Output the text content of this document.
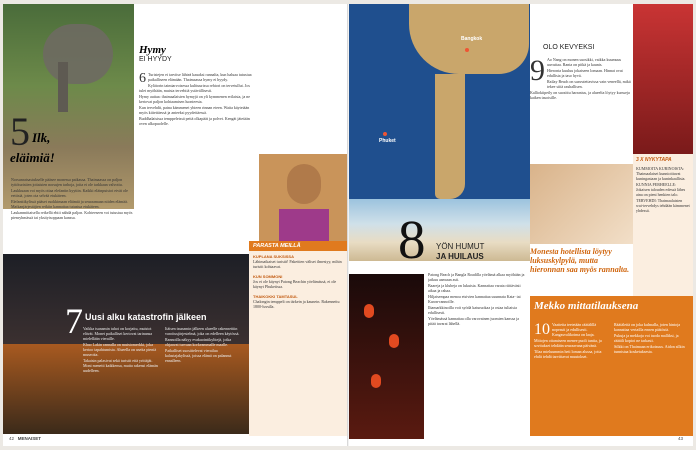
5 Ilk,
eläimiä!

Norsunratsastukselle pääsee monessa paikassa. Thaimaassa on paljon tyttöturistien joitaisten norsujen tarhoja, joita ei ole tarkkaan valvottu.

Laukkuaan voi myös ottaa elefantin kyytiin. Kaikki eläinpuistot eivät ole eettisiä, joten ota selvää etukäteen.

Elefanttikylissä pääset ruokkimaan eläimiä ja seuraamaan niiden elämää. Matkanjärjestäjien retkiin kannattaa tutustua etukäteen.

Laukanmittaisella retkellä ehtii nähdä paljon. Kohteeseen voi tutustua myös pienryhmässä tai yksityisoppaan kanssa.

Hymy
EI HYYDY
6 Turistejen ei tarvitse lähteä kauaksi rannalta, kun haluaa tutustua paikalliseen elämään. Thaimaassa hymy ei hyydy.

Kylätorin taimiarvoisessa kulttuurissa rehtori on tervetullut. Jos tulet myöhään, muista tervehtiä ystävällisesti.

Hymy auttaa: thaimaalaisten hymyjä on yli kymmenen erilaista, ja ne kertovat paljon kohtaamisen luonteesta.

Kun tervehdit, paina kämmenet yhteen rinnan eteen. Waita käytetään myös kiitettäessä ja anteeksi pyydettäessä.

Buddhalaisissa temppeleissä peitä olkapäät ja polvet. Kengät jätetään oven ulkopuolelle.

PARASTA MEILLÄ
KUPLANA SUKSISSA
Lähimatkaiset turistit! Pakettien väliset ilmestyy, mihin turistit kohtaavat.
KUN SOMMONI
Jos ei ole käynyt Patong Beachin yöelämässä, ei ole käynyt Phuketissa.
THAIKOKKI TAMTASUL
Chalongin temppeli on tärkein ja kaunein. Rakennettu 1800-luvulla.
7 Uusi alku katastrofin jälkeen

Vaikka tsunamin tuhot on korjattu, muistot elävät. Monet paikalliset kertovat tarinansa mielellään vieraille.

Khao Lakin rannalla on muistomerkki, joka kertoo tapahtumista. Alueella on useita pieniä museoita.

Takaisin palasivat sekä turistit että yrittäjät. Moni menetti kaikkensa, mutta rakensi elämän uudelleen.

Itäisen tsunamin jälkeen alueelle rakennettiin varoitusjärjestelmä, joka on edelleen käytössä.

Rannoilla näkyy evakuointikylttejä, jotka ohjaavat turvaan korkeammalle maalle.

Paikalliset suosittelevat vierailua kalastajakylissä, joissa elämä on palannut ennalleen.

42 MENAISET
Bangkok
Phuket
OLO KEVYEKSI
9 Ao Nang on monen suosikki, vaikka kuumuus uuvuttaa. Ranta on pitkä ja kaunis.

Hieronta kuuluu jokaiseen lomaan. Hinnat ovat edullisia ja taso hyvä.

Railay Beach on saavutettavissa vain veneellä, mikä tekee siitä rauhallisen.

Kalliokiipeily on suosittu harrastus, ja alueelta löytyy kursseja kaiken tasoisille.

3 X NYKYTAPA

KUMMOITA KURINOISTA: Thaimaalaiset kunnioittavat kuningastaan ja kuninkaallisia.

KUNNIA PERHEELLE: Jokaisen talouden edessä lähes aina on pieni henkien talo.

TERVEHDI: Thaimaalaisten wai-tervehdys tehdään kämmenet yhdessä.

8	YÖN HUMUT
JA HUILAUS

Patong Beach ja Bangla Roadilla yöelämä alkaa myöhään ja jatkuu aamuun asti.

Baareja ja klubeja on lukuisia. Kannattaa varata riittävästi aikaa ja rahaa.

Hiljaisempaa menoa etsivien kannattaa suunnata Kata- tai Karon-rannoille.

Iltamarkkinoilla voit syödä katuruokaa ja ostaa tuliaisia edullisesti.

Yöelämässä kannattaa olla varovainen juomien kanssa ja pitää tavarat lähellä.

Monesta hotellista löytyy luksuskylpylä, mutta hieronnan saa myös rannalta.
Mekko mittatilauksena
10 Vaatteita teetetään räätälillä nopeasti ja edullisesti. Kangasvalikoima on laaja.

Mittojen ottamiseen menee puoli tuntia, ja sovitukset tehdään seuraavana päivänä.

Tilaa mieluummin heti loman alussa, jotta ehdit tehdä tarvittavat muutokset.

Räätäleitä on joka kulmalla, joten hintoja kannattaa vertailla ennen päätöstä.

Pukuja ja mekkoja voi tuoda malliksi, ja räätäli kopioi ne tarkasti.

Silkki on Thaimaan erikoisuus. Aidon silkin tunnistaa kosketuksesta.

43
